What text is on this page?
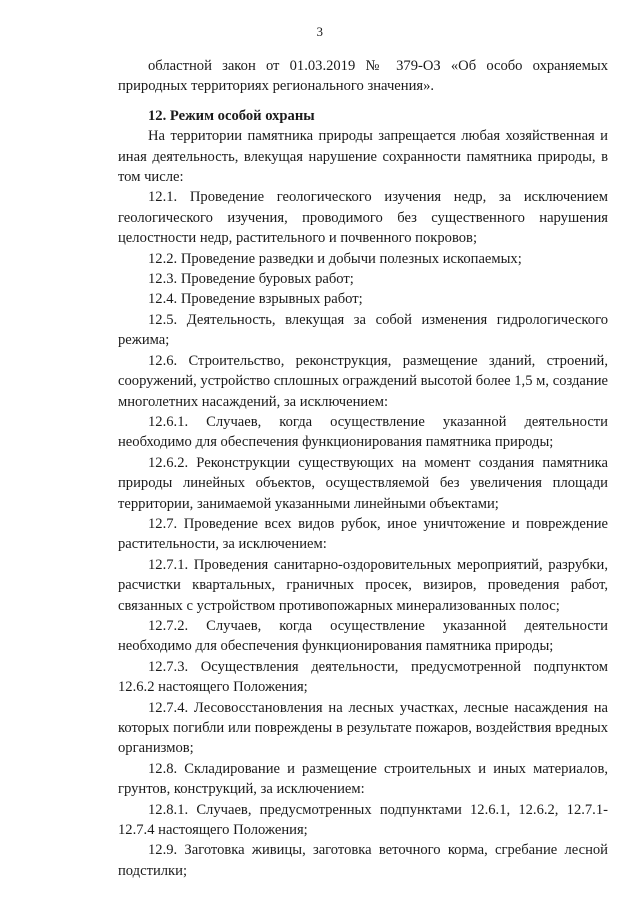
3

областной закон от 01.03.2019 № 379-ОЗ «Об особо охраняемых природных территориях регионального значения».

12. Режим особой охраны

На территории памятника природы запрещается любая хозяйственная и иная деятельность, влекущая нарушение сохранности памятника природы, в том числе:

12.1. Проведение геологического изучения недр, за исключением геологического изучения, проводимого без существенного нарушения целостности недр, растительного и почвенного покровов;

12.2. Проведение разведки и добычи полезных ископаемых;

12.3. Проведение буровых работ;

12.4. Проведение взрывных работ;

12.5. Деятельность, влекущая за собой изменения гидрологического режима;

12.6. Строительство, реконструкция, размещение зданий, строений, сооружений, устройство сплошных ограждений высотой более 1,5 м, создание многолетних насаждений, за исключением:

12.6.1. Случаев, когда осуществление указанной деятельности необходимо для обеспечения функционирования памятника природы;

12.6.2. Реконструкции существующих на момент создания памятника природы линейных объектов, осуществляемой без увеличения площади территории, занимаемой указанными линейными объектами;

12.7. Проведение всех видов рубок, иное уничтожение и повреждение растительности, за исключением:

12.7.1. Проведения санитарно-оздоровительных мероприятий, разрубки, расчистки квартальных, граничных просек, визиров, проведения работ, связанных с устройством противопожарных минерализованных полос;

12.7.2. Случаев, когда осуществление указанной деятельности необходимо для обеспечения функционирования памятника природы;

12.7.3. Осуществления деятельности, предусмотренной подпунктом 12.6.2 настоящего Положения;

12.7.4. Лесовосстановления на лесных участках, лесные насаждения на которых погибли или повреждены в результате пожаров, воздействия вредных организмов;

12.8. Складирование и размещение строительных и иных материалов, грунтов, конструкций, за исключением:

12.8.1. Случаев, предусмотренных подпунктами 12.6.1, 12.6.2, 12.7.1-12.7.4 настоящего Положения;

12.9. Заготовка живицы, заготовка веточного корма, сгребание лесной подстилки;
